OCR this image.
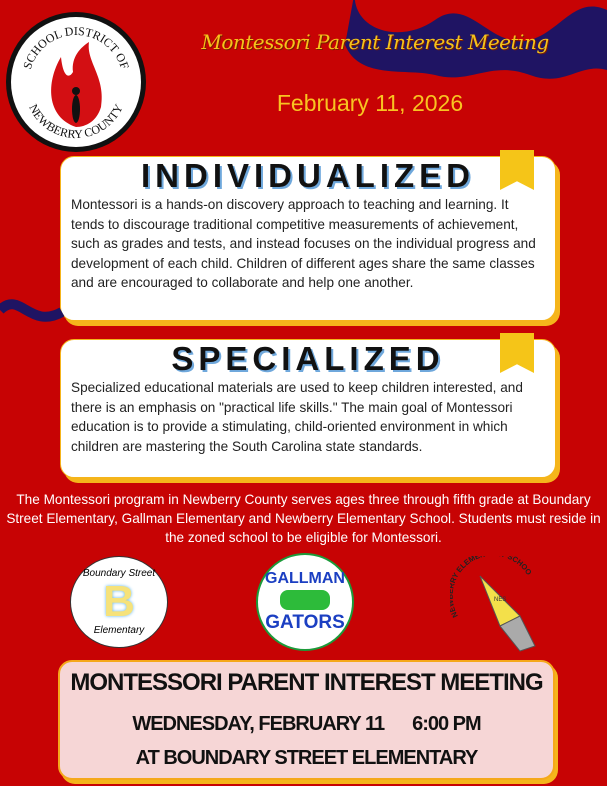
SCHOOL DISTRICT OF
NEWBERRY COUNTY
Montessori Parent Interest Meeting
February 11, 2026
INDIVIDUALIZED

Montessori is a hands-on discovery approach to teaching and learning. It tends to discourage traditional competitive measurements of achievement, such as grades and tests, and instead focuses on the individual progress and development of each child. Children of different ages share the same classes and are encouraged to collaborate and help one another.

SPECIALIZED

Specialized educational materials are used to keep children interested, and there is an emphasis on "practical life skills." The main goal of Montessori education is to provide a stimulating, child-oriented environment in which children are mastering the South Carolina state standards.

The Montessori program in Newberry County serves ages three through fifth grade at Boundary Street Elementary, Gallman Elementary and Newberry Elementary School. Students must reside in the zoned school to be eligible for Montessori.
Boundary Street
B
Elementary
GALLMAN
GATORS	N Y ELEME SCHOO
NES
MONTESSORI PARENT INTEREST MEETING
WEDNESDAY, FEBRUARY 11 6:00 PM
AT BOUNDARY STREET ELEMENTARY
